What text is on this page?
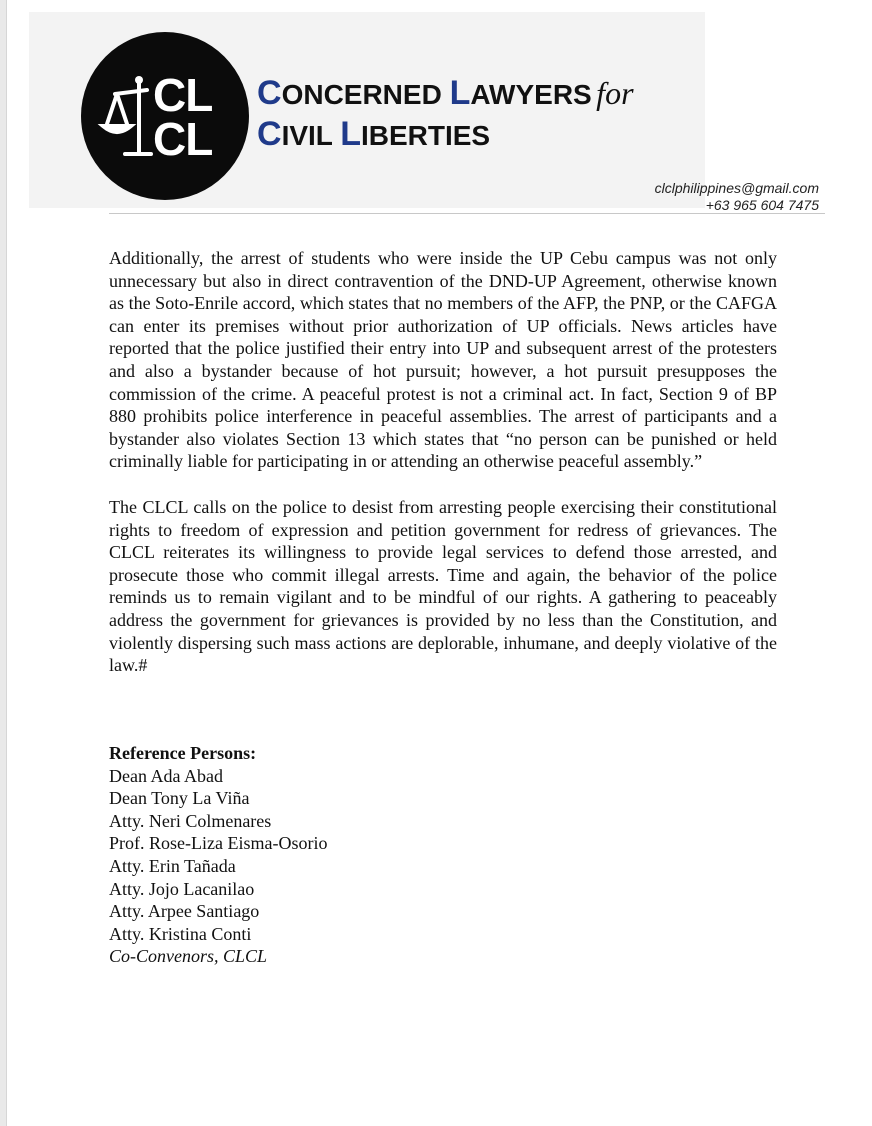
CL
CL
CONCERNED LAWYERS for
CIVIL LIBERTIES
clclphilippines@gmail.com
+63 965 604 7475

Additionally, the arrest of students who were inside the UP Cebu campus was not only unnecessary but also in direct contravention of the DND-UP Agreement, otherwise known as the Soto-Enrile accord, which states that no members of the AFP, the PNP, or the CAFGA can enter its premises without prior authorization of UP officials. News articles have reported that the police justified their entry into UP and subsequent arrest of the protesters and also a bystander because of hot pursuit; however, a hot pursuit presupposes the commission of the crime. A peaceful protest is not a criminal act. In fact, Section 9 of BP 880 prohibits police interference in peaceful assemblies. The arrest of participants and a bystander also violates Section 13 which states that “no person can be punished or held criminally liable for participating in or attending an otherwise peaceful assembly.”

The CLCL calls on the police to desist from arresting people exercising their constitutional rights to freedom of expression and petition government for redress of grievances. The CLCL reiterates its willingness to provide legal services to defend those arrested, and prosecute those who commit illegal arrests. Time and again, the behavior of the police reminds us to remain vigilant and to be mindful of our rights. A gathering to peaceably address the government for grievances is provided by no less than the Constitution, and violently dispersing such mass actions are deplorable, inhumane, and deeply violative of the law.#

Reference Persons:
Dean Ada Abad
Dean Tony La Viña
Atty. Neri Colmenares
Prof. Rose-Liza Eisma-Osorio
Atty. Erin Tañada
Atty. Jojo Lacanilao
Atty. Arpee Santiago
Atty. Kristina Conti
Co-Convenors, CLCL
